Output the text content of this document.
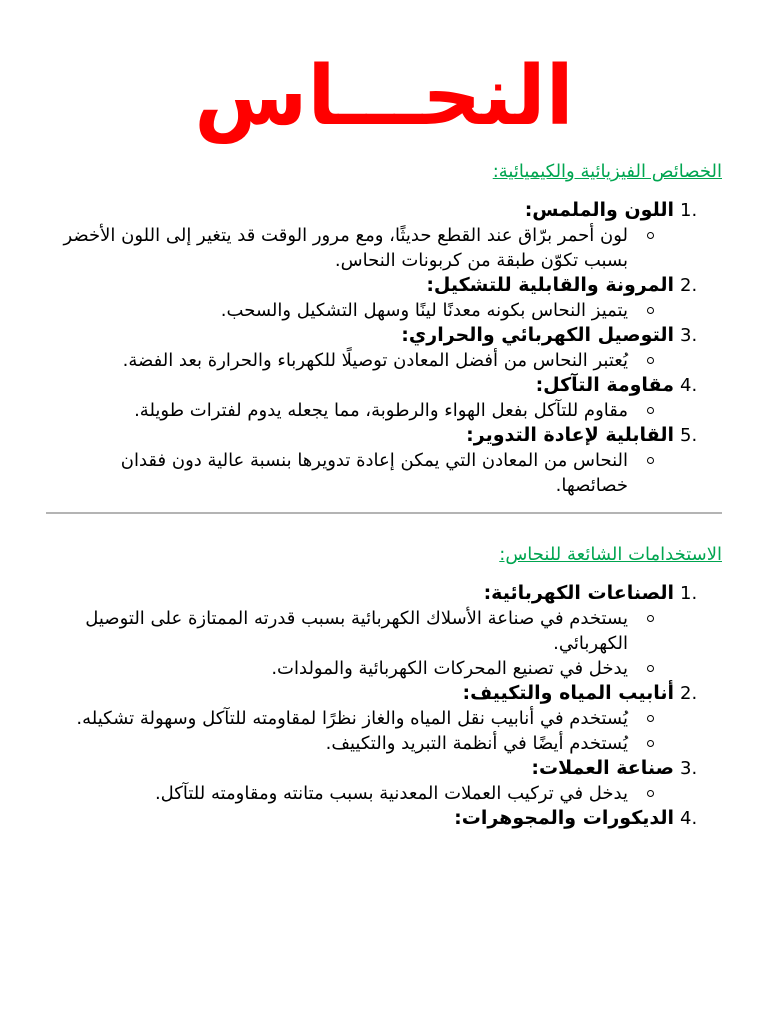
النحـــاس
الخصائص الفيزيائية والكيميائية:
1.
اللون والملمس:
لون أحمر برّاق عند القطع حديثًا، ومع مرور الوقت قد يتغير إلى اللون الأخضر بسبب تكوّن طبقة من كربونات النحاس.
2.
المرونة والقابلية للتشكيل:
يتميز النحاس بكونه معدنًا لينًا وسهل التشكيل والسحب.
3.
التوصيل الكهربائي والحراري:
يُعتبر النحاس من أفضل المعادن توصيلًا للكهرباء والحرارة بعد الفضة.
4.
مقاومة التآكل:
مقاوم للتآكل بفعل الهواء والرطوبة، مما يجعله يدوم لفترات طويلة.
5.
القابلية لإعادة التدوير:
النحاس من المعادن التي يمكن إعادة تدويرها بنسبة عالية دون فقدان خصائصها.
الاستخدامات الشائعة للنحاس:
1.
الصناعات الكهربائية:
يستخدم في صناعة الأسلاك الكهربائية بسبب قدرته الممتازة على التوصيل الكهربائي.
يدخل في تصنيع المحركات الكهربائية والمولدات.
2.
أنابيب المياه والتكييف:
يُستخدم في أنابيب نقل المياه والغاز نظرًا لمقاومته للتآكل وسهولة تشكيله.
يُستخدم أيضًا في أنظمة التبريد والتكييف.
3.
صناعة العملات:
يدخل في تركيب العملات المعدنية بسبب متانته ومقاومته للتآكل.
4.
الديكورات والمجوهرات:
